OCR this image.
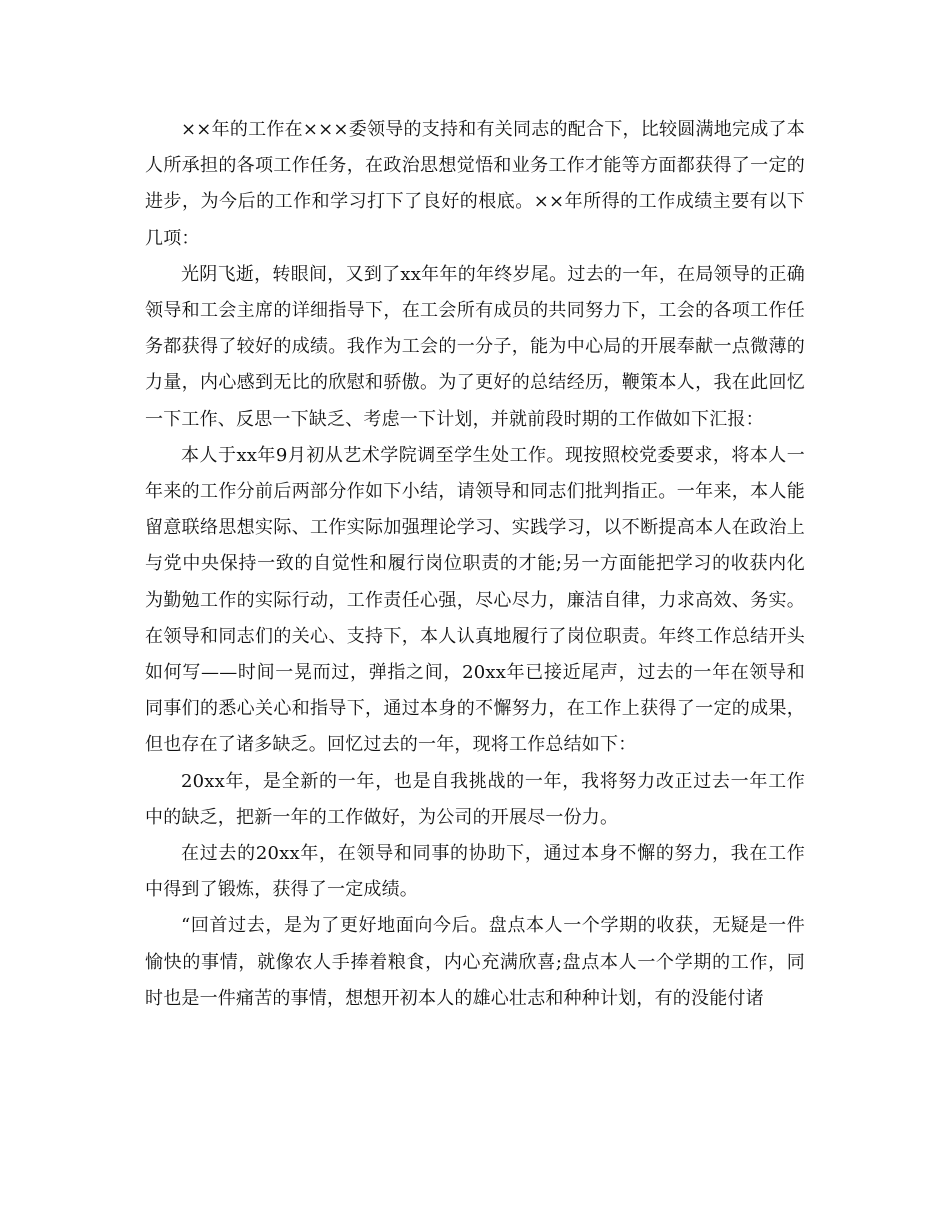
××年的工作在×××委领导的支持和有关同志的配合下，比较圆满地完成了本人所承担的各项工作任务，在政治思想觉悟和业务工作才能等方面都获得了一定的进步，为今后的工作和学习打下了良好的根底。××年所得的工作成绩主要有以下几项：

光阴飞逝，转眼间，又到了xx年年的年终岁尾。过去的一年，在局领导的正确领导和工会主席的详细指导下，在工会所有成员的共同努力下，工会的各项工作任务都获得了较好的成绩。我作为工会的一分子，能为中心局的开展奉献一点微薄的力量，内心感到无比的欣慰和骄傲。为了更好的总结经历，鞭策本人，我在此回忆一下工作、反思一下缺乏、考虑一下计划，并就前段时期的工作做如下汇报：

本人于xx年9月初从艺术学院调至学生处工作。现按照校党委要求，将本人一年来的工作分前后两部分作如下小结，请领导和同志们批判指正。一年来，本人能留意联络思想实际、工作实际加强理论学习、实践学习，以不断提高本人在政治上与党中央保持一致的自觉性和履行岗位职责的才能;另一方面能把学习的收获内化为勤勉工作的实际行动，工作责任心强，尽心尽力，廉洁自律，力求高效、务实。在领导和同志们的关心、支持下，本人认真地履行了岗位职责。年终工作总结开头如何写——时间一晃而过，弹指之间，20xx年已接近尾声，过去的一年在领导和同事们的悉心关心和指导下，通过本身的不懈努力，在工作上获得了一定的成果，但也存在了诸多缺乏。回忆过去的一年，现将工作总结如下：

20xx年，是全新的一年，也是自我挑战的一年，我将努力改正过去一年工作中的缺乏，把新一年的工作做好，为公司的开展尽一份力。

在过去的20xx年，在领导和同事的协助下，通过本身不懈的努力，我在工作中得到了锻炼，获得了一定成绩。

“回首过去，是为了更好地面向今后。盘点本人一个学期的收获，无疑是一件愉快的事情，就像农人手捧着粮食，内心充满欣喜;盘点本人一个学期的工作，同时也是一件痛苦的事情，想想开初本人的雄心壮志和种种计划，有的没能付诸
